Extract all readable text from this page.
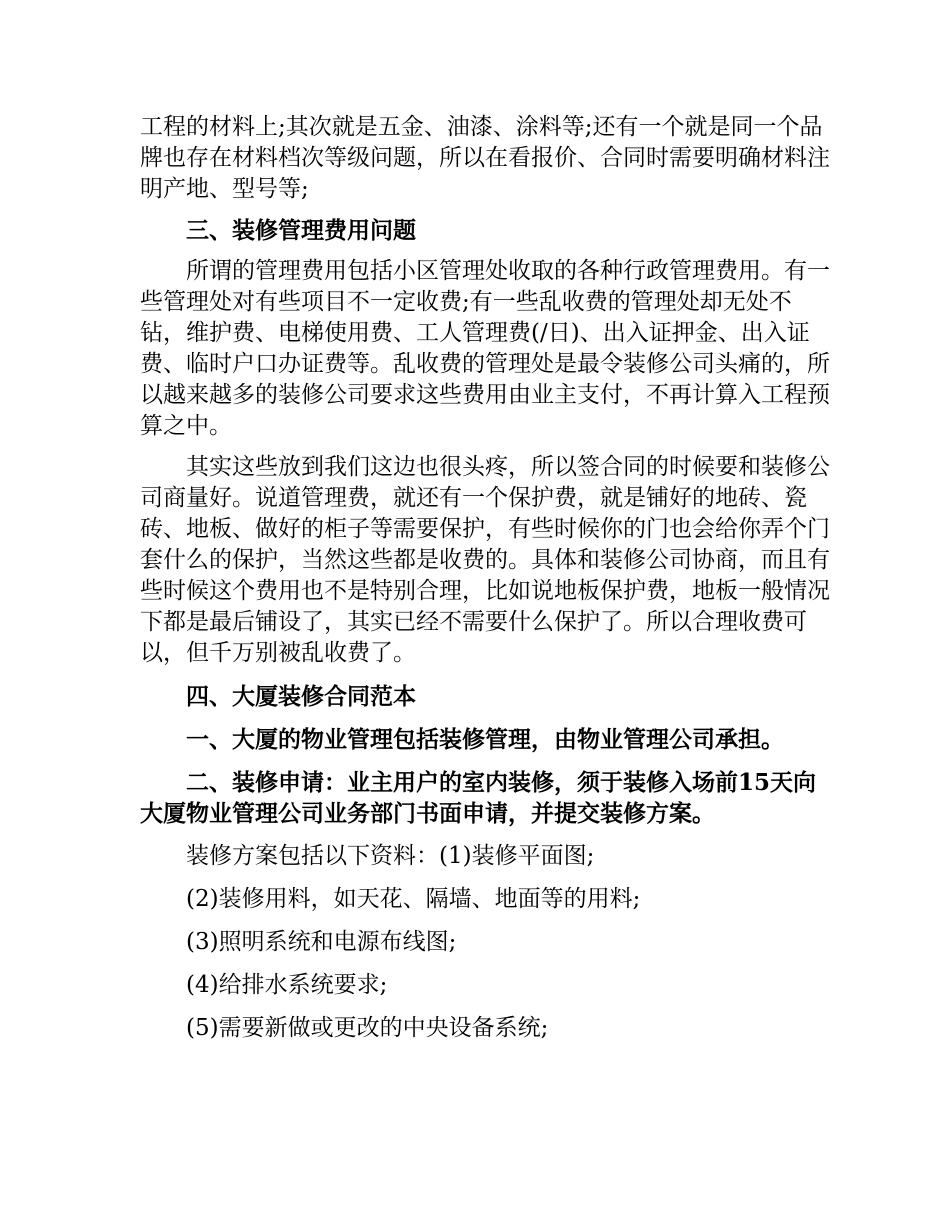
工程的材料上;其次就是五金、油漆、涂料等;还有一个就是同一个品牌也存在材料档次等级问题，所以在看报价、合同时需要明确材料注明产地、型号等;

三、装修管理费用问题

所谓的管理费用包括小区管理处收取的各种行政管理费用。有一些管理处对有些项目不一定收费;有一些乱收费的管理处却无处不钻，维护费、电梯使用费、工人管理费(/日)、出入证押金、出入证费、临时户口办证费等。乱收费的管理处是最令装修公司头痛的，所以越来越多的装修公司要求这些费用由业主支付，不再计算入工程预算之中。

其实这些放到我们这边也很头疼，所以签合同的时候要和装修公司商量好。说道管理费，就还有一个保护费，就是铺好的地砖、瓷砖、地板、做好的柜子等需要保护，有些时候你的门也会给你弄个门套什么的保护，当然这些都是收费的。具体和装修公司协商，而且有些时候这个费用也不是特别合理，比如说地板保护费，地板一般情况下都是最后铺设了，其实已经不需要什么保护了。所以合理收费可以，但千万别被乱收费了。

四、大厦装修合同范本

一、大厦的物业管理包括装修管理，由物业管理公司承担。

二、装修申请：业主用户的室内装修，须于装修入场前15天向大厦物业管理公司业务部门书面申请，并提交装修方案。

装修方案包括以下资料：(1)装修平面图;

(2)装修用料，如天花、隔墙、地面等的用料;

(3)照明系统和电源布线图;

(4)给排水系统要求;

(5)需要新做或更改的中央设备系统;
